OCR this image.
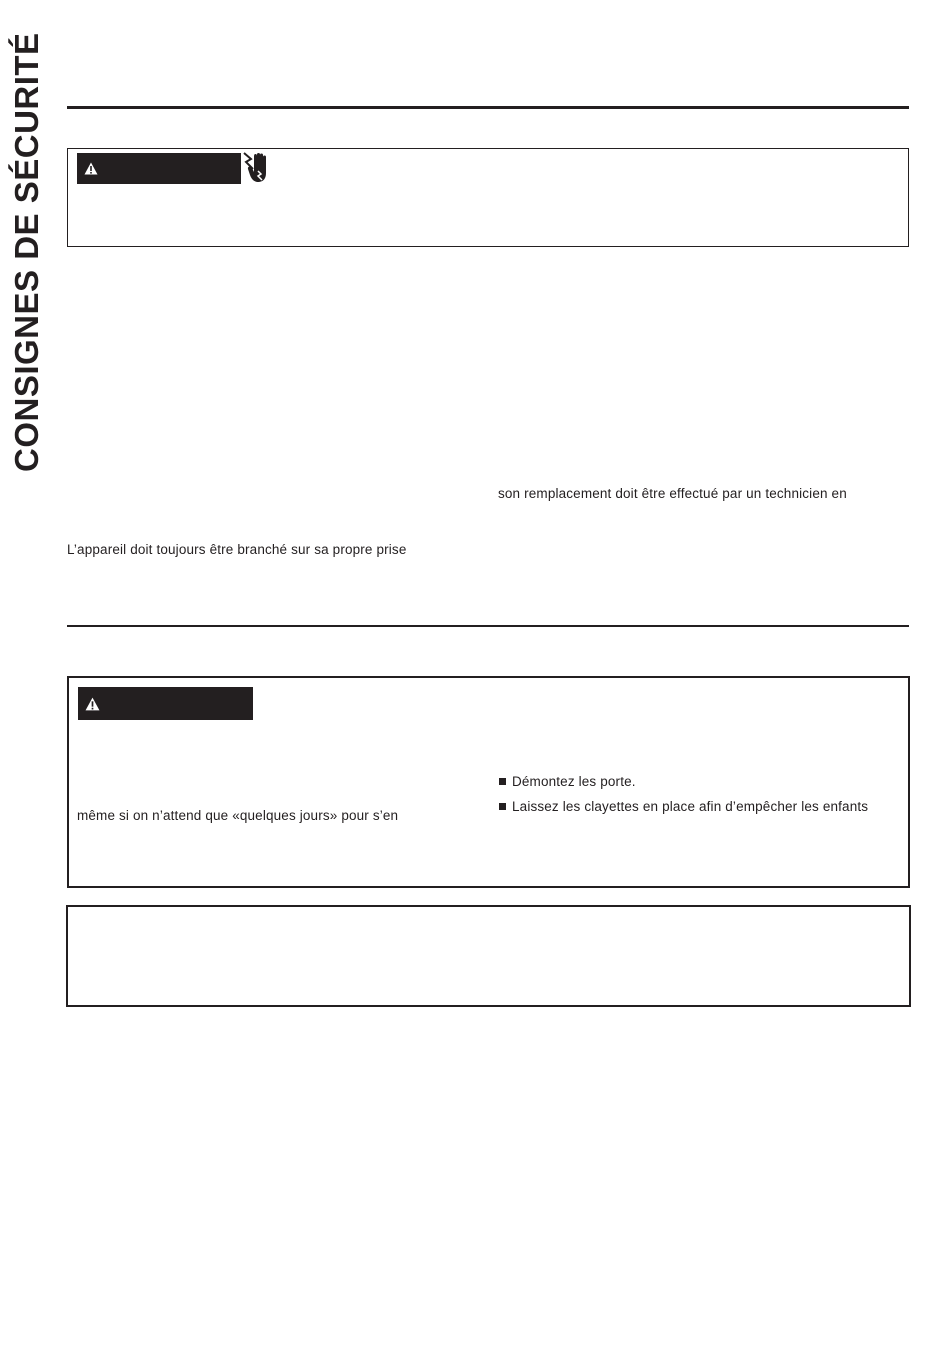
CONSIGNES DE SÉCURITÉ
son remplacement doit être effectué par un technicien en
L’appareil doit toujours être branché sur sa propre prise
Démontez les porte.
Laissez les clayettes en place afin d’empêcher les enfants
même si on n’attend que «quelques jours» pour s’en
